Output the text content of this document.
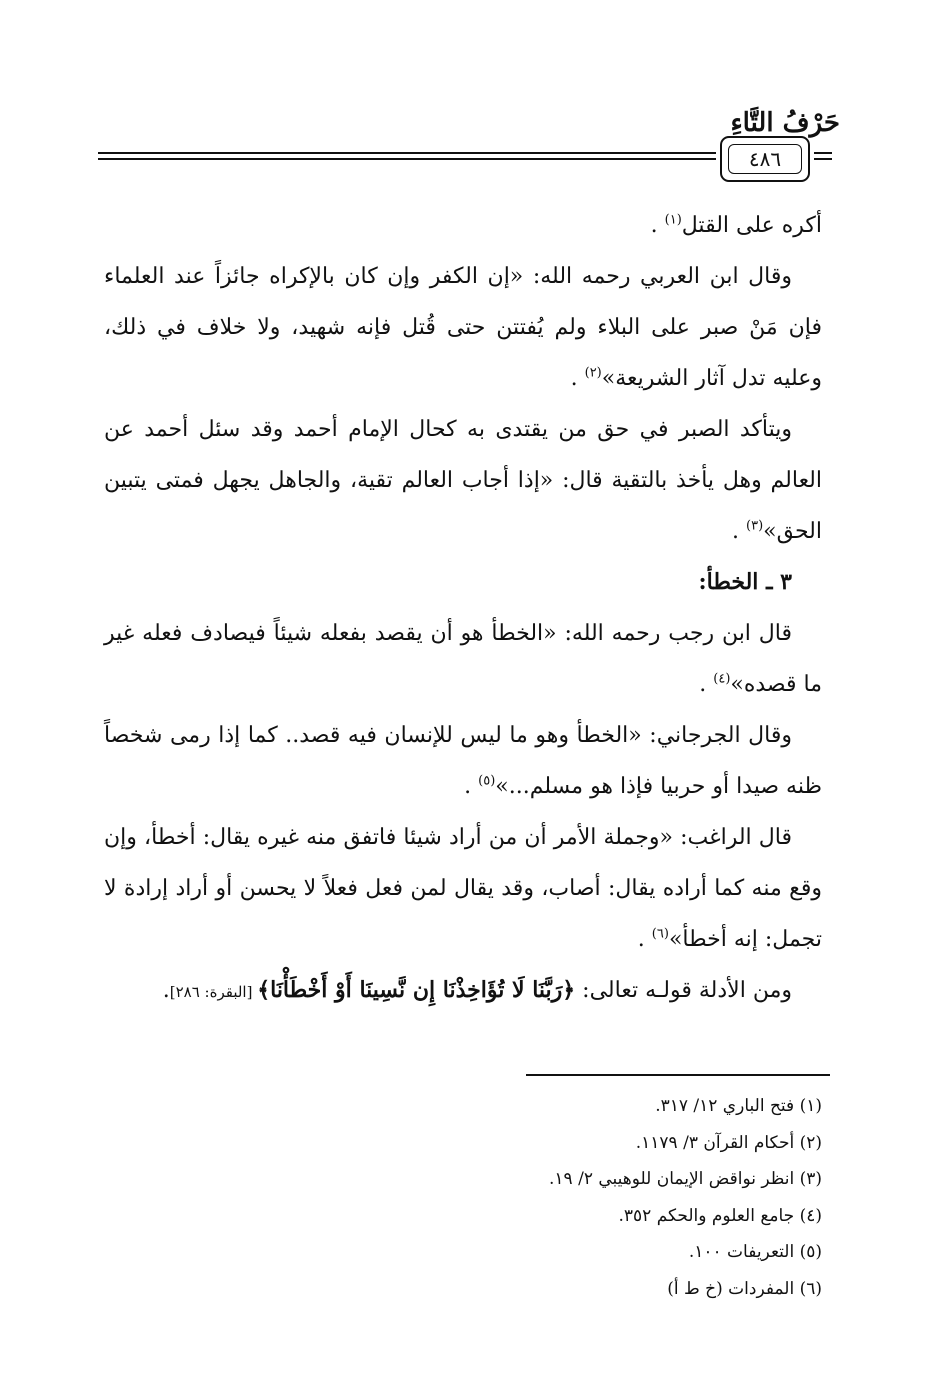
حَرْفُ التَّاءِ
٤٨٦

أكره على القتل$^{(١)}$ .

وقال ابن العربي رحمه الله: «إن الكفر وإن كان بالإكراه جائزاً عند العلماء فإن مَنْ صبر على البلاء ولم يُفتتن حتى قُتل فإنه شهيد، ولا خلاف في ذلك، وعليه تدل آثار الشريعة»$^{(٢)}$ .

ويتأكد الصبر في حق من يقتدى به كحال الإمام أحمد وقد سئل أحمد عن العالم وهل يأخذ بالتقية قال: «إذا أجاب العالم تقية، والجاهل يجهل فمتى يتبين الحق»$^{(٣)}$ .

٣ ـ الخطأ:

قال ابن رجب رحمه الله: «الخطأ هو أن يقصد بفعله شيئاً فيصادف فعله غير ما قصده»$^{(٤)}$ .

وقال الجرجاني: «الخطأ وهو ما ليس للإنسان فيه قصد.. كما إذا رمى شخصاً ظنه صيدا أو حربيا فإذا هو مسلم...»$^{(٥)}$ .

قال الراغب: «وجملة الأمر أن من أراد شيئا فاتفق منه غيره يقال: أخطأ، وإن وقع منه كما أراده يقال: أصاب، وقد يقال لمن فعل فعلاً لا يحسن أو أراد إرادة لا تجمل: إنه أخطأ»$^{(٦)}$ .

ومن الأدلة قولـه تعالى: ﴿رَبَّنَا لَا تُؤَاخِذْنَا إِن نَّسِينَا أَوْ أَخْطَأْنَا﴾ [البقرة: ٢٨٦].

(١) فتح الباري ١٢/ ٣١٧.

(٢) أحكام القرآن ٣/ ١١٧٩.

(٣) انظر نواقض الإيمان للوهيبي ٢/ ١٩.

(٤) جامع العلوم والحكم ٣٥٢.

(٥) التعريفات ١٠٠.

(٦) المفردات (خ ط أ)
